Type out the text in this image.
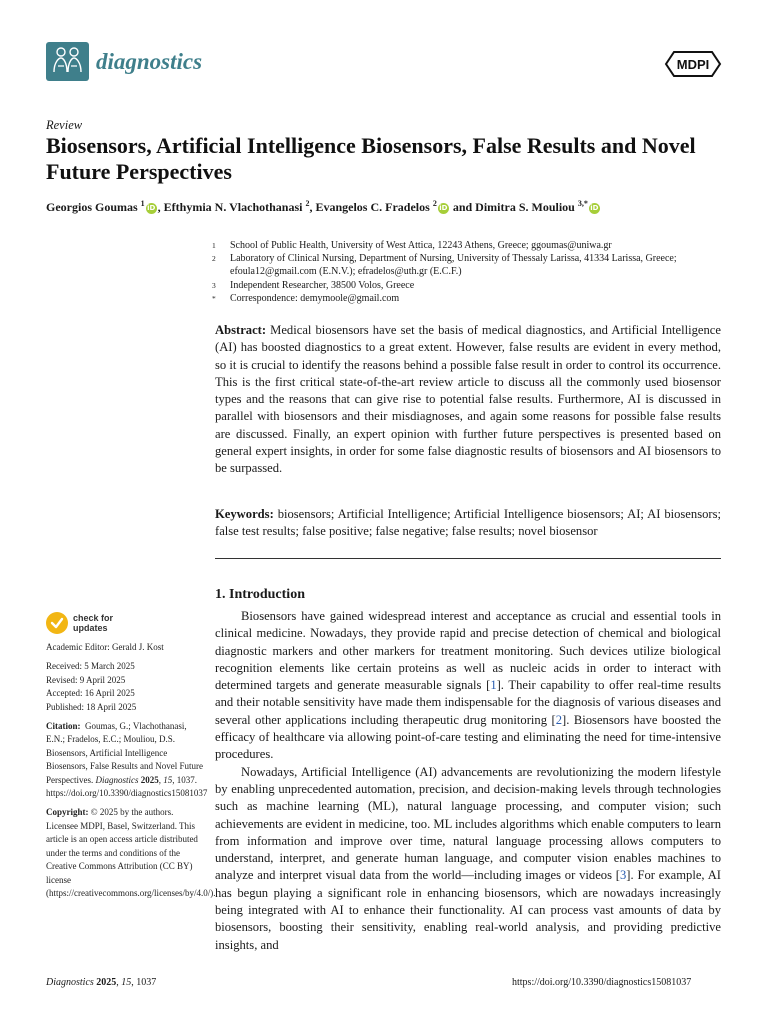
diagnostics	MDPI
Review
Biosensors, Artificial Intelligence Biosensors, False Results and Novel Future Perspectives
Georgios Goumas $^1$ iD , Efthymia N. Vlachothanasi $^2$, Evangelos C. Fradelos $^2$ iD and Dimitra S. Mouliou $^{3,*}$ iD
1	School of Public Health, University of West Attica, 12243 Athens, Greece; ggoumas@uniwa.gr
2	Laboratory of Clinical Nursing, Department of Nursing, University of Thessaly Larissa, 41334 Larissa, Greece; efoula12@gmail.com (E.N.V.); efradelos@uth.gr (E.C.F.)
3	Independent Researcher, 38500 Volos, Greece
*	Correspondence: demymoole@gmail.com
Abstract: Medical biosensors have set the basis of medical diagnostics, and Artificial Intelligence (AI) has boosted diagnostics to a great extent. However, false results are evident in every method, so it is crucial to identify the reasons behind a possible false result in order to control its occurrence. This is the first critical state-of-the-art review article to discuss all the commonly used biosensor types and the reasons that can give rise to potential false results. Furthermore, AI is discussed in parallel with biosensors and their misdiagnoses, and again some reasons for possible false results are discussed. Finally, an expert opinion with further future perspectives is presented based on general expert insights, in order for some false diagnostic results of biosensors and AI biosensors to be surpassed.
Keywords: biosensors; Artificial Intelligence; Artificial Intelligence biosensors; AI; AI biosensors; false test results; false positive; false negative; false results; novel biosensor
1. Introduction

Biosensors have gained widespread interest and acceptance as crucial and essential tools in clinical medicine. Nowadays, they provide rapid and precise detection of chemical and biological diagnostic markers and other markers for treatment monitoring. Such devices utilize biological recognition elements like certain proteins as well as nucleic acids in order to interact with determined targets and generate measurable signals [1]. Their capability to offer real-time results and their notable sensitivity have made them indispensable for the diagnosis of various diseases and several other applications including therapeutic drug monitoring [2]. Biosensors have boosted the efficacy of healthcare via allowing point-of-care testing and eliminating the need for time-intensive procedures.

Nowadays, Artificial Intelligence (AI) advancements are revolutionizing the modern lifestyle by enabling unprecedented automation, precision, and decision-making levels through technologies such as machine learning (ML), natural language processing, and computer vision; such achievements are evident in medicine, too. ML includes algorithms which enable computers to learn from information and improve over time, natural language processing allows computers to understand, interpret, and generate human language, and computer vision enables machines to analyze and interpret visual data from the world—including images or videos [3]. For example, AI has begun playing a significant role in enhancing biosensors, which are nowadays increasingly being integrated with AI to enhance their functionality. AI can process vast amounts of data by biosensors, boosting their sensitivity, enabling real-world analysis, and providing predictive insights, and

check for
updates
Academic Editor: Gerald J. Kost
Received: 5 March 2025
Revised: 9 April 2025
Accepted: 16 April 2025
Published: 18 April 2025
Citation: Goumas, G.; Vlachothanasi, E.N.; Fradelos, E.C.; Mouliou, D.S. Biosensors, Artificial Intelligence Biosensors, False Results and Novel Future Perspectives. Diagnostics 2025, 15, 1037. https://doi.org/10.3390/diagnostics15081037
Copyright: © 2025 by the authors. Licensee MDPI, Basel, Switzerland. This article is an open access article distributed under the terms and conditions of the Creative Commons Attribution (CC BY) license (https://creativecommons.org/licenses/by/4.0/).
Diagnostics 2025, 15, 1037	https://doi.org/10.3390/diagnostics15081037
